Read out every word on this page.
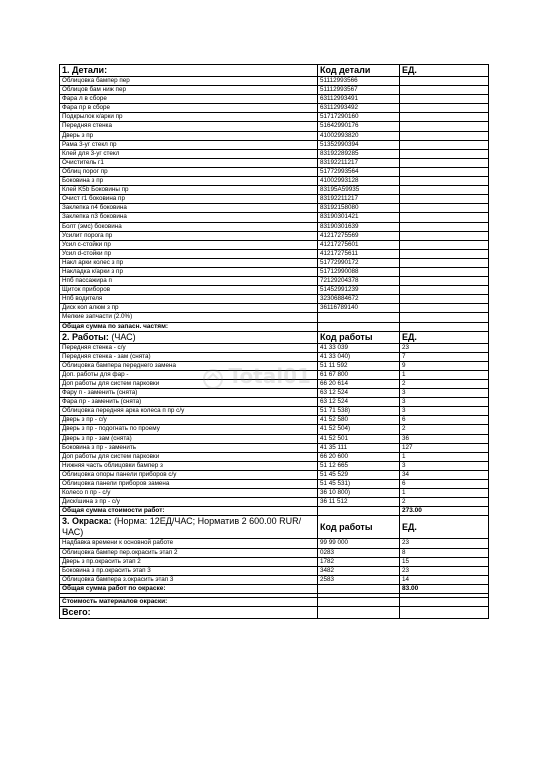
1. Детали:	Код детали	ЕД.
Облицовка бампер пер	51112993566	
Облицов бам ниж пер	51112993567	
Фара л в сборе	63112993491	
Фара пр в сборе	63112993492	
Подкрылок к/арки пр	51717290160	
Передняя стенка	51642990176	
Дверь з пр	41002993820	
Рама 3-уг стекл пр	51352990394	
Клей для 3-уг стекл	83192289285	
Очиститель г1	83192211217	
Облиц порог пр	51772993564	
Боковина з пр	41002993128	
Клей K5b Боковины пр	83195A59935	
Очист г1 боковина пр	83192211217	
Заклепка n4 боковина	83192158080	
Заклепка n3 боковина	83190301421	
Болт (эмс) боковина	83190301639	
Усилит порога пр	41217275569	
Усил с-стойки пр	41217275601	
Усил d-стойки пр	41217275611	
Накл арки колес з пр	51772990172	
Накладка к/арки з пр	51712990088	
Нпб пассажира п	72129204378	
Щиток приборов	51452991239	
Нпб водителя	32306884672	
Диск кол алюм з пр	36116789140	
Мелкие запчасти (2.0%)		
Общая сумма по запасн. частям:		
2. Работы: (ЧАС)	Код работы	ЕД.
Передняя стенка - с/у	41 33 039	23
Передняя стенка - зам (снята)	41 33 040)	7
Облицовка бампера переднего замена	51 11 592	9
Доп. работы для фар -	61 67 800	1
Доп работы для систем парковки	66 20 614	2
Фару п - заменить (снята)	63 12 524	3
Фара пр - заменить (снята)	63 12 524	3
Облицовка передняя арка колеса п пр с/у	51 71 538)	3
Дверь з пр - с/у	41 52 580	6
Дверь з пр - подогнать по проему	41 52 504)	2
Дверь з пр - зам (снята)	41 52 501	36
Боковина з пр - заменить	41 35 111	127
Доп работы для систем парковки	66 20 600	1
Нижняя часть облицовки бампер з	51 12 665	3
Облицовка опоры панели приборов с/у	51 45 529	34
Облицовка панели приборов замена	51 45 531)	6
Колесо п пр - с/у	36 10 800)	1
Диск/шина з пр - с/у	36 11 512	2
Общая сумма стоимости работ:		273.00
3. Окраска: (Норма: 12ЕД/ЧАС; Норматив 2 600.00 RUR/ЧАС)	Код работы	ЕД.
Надбавка времени к основной работе	99 99 000	23
Облицовка бампер пер.окрасить этап 2	0283	8
Дверь з пр.окрасить этап 2	1782	15
Боковина з пр.окрасить этап 3	3482	23
Облицовка бампера з.окрасить этап 3	2583	14
Общая сумма работ по окраске:		83.00

Стоимость материалов окраски:		
Всего:		
Total01
